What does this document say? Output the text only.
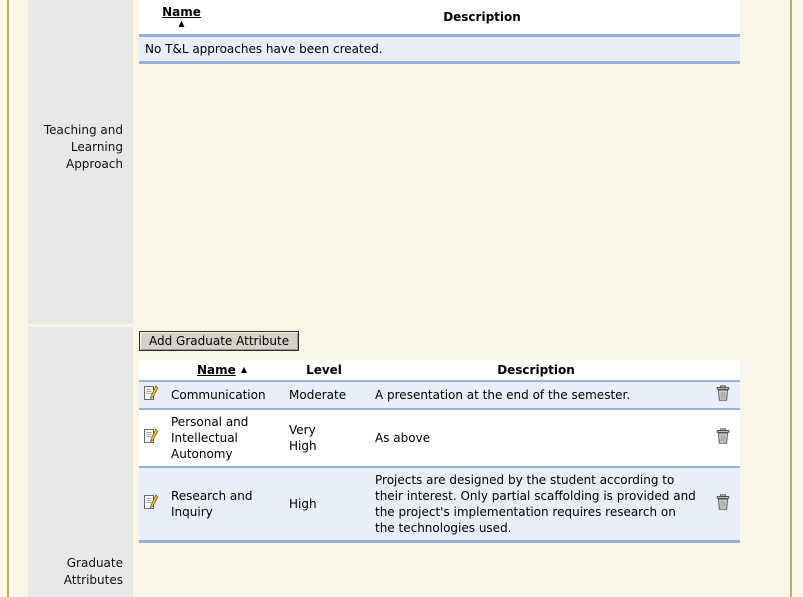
Teaching and Learning Approach
Name
▲	Description
No T&L approaches have been created.
Graduate Attributes
Add Graduate Attribute
	Name ▲	Level	Description	
	Communication	Moderate	A presentation at the end of the semester.	
	Personal and Intellectual Autonomy	Very High	As above	
	Research and Inquiry	High	Projects are designed by the student according to their interest. Only partial scaffolding is provided and the project's implementation requires research on the technologies used.	
